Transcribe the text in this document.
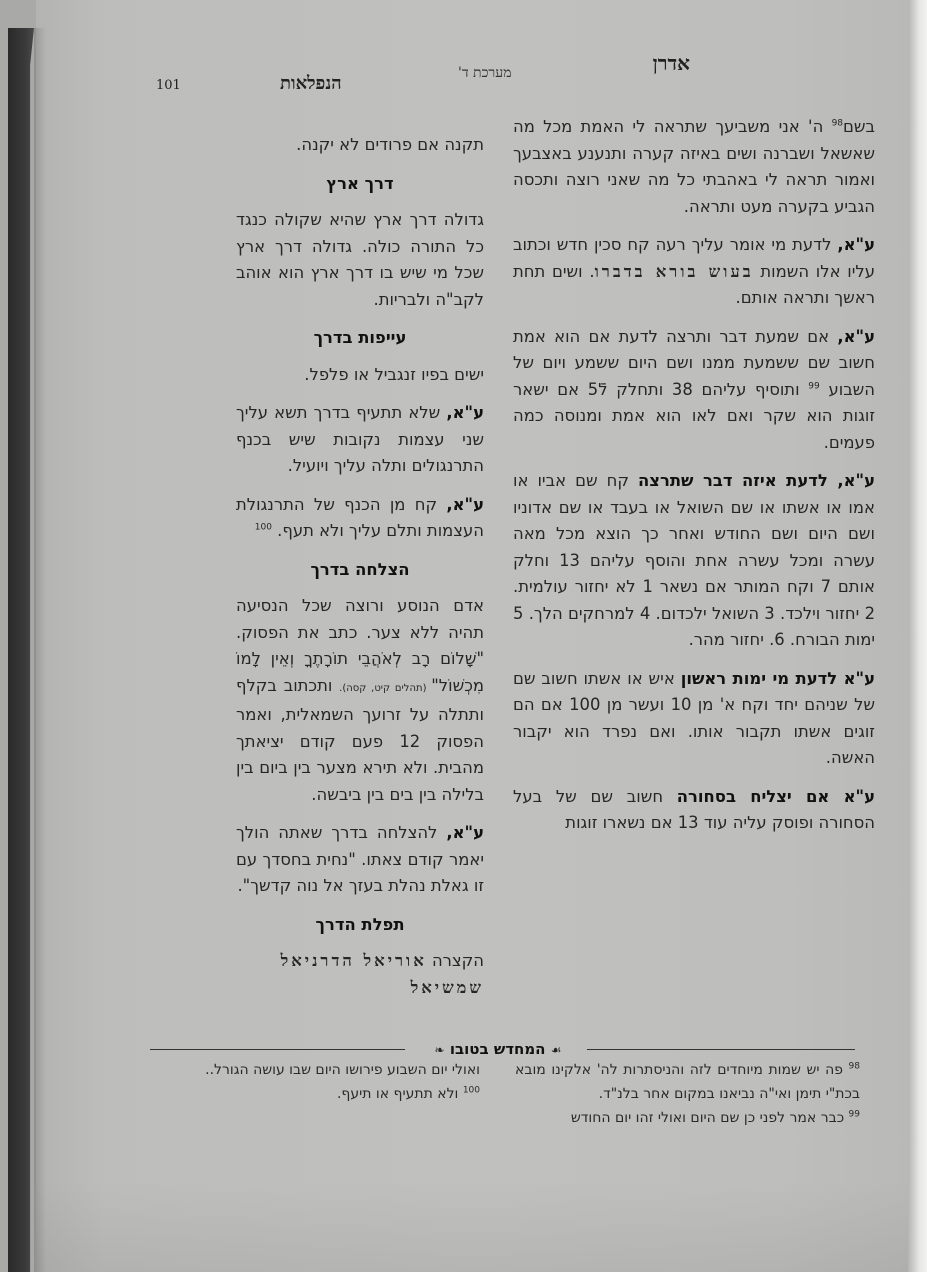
101	הנפלאות	מערכת ד'	אדרן

בשם$^{98}$ ה' אני משביעך שתראה לי האמת מכל מה שאשאל ושברנה ושים באיזה קערה ותנענע באצבעך ואמור תראה לי באהבתי כל מה שאני רוצה ותכסה הגביע בקערה מעט ותראה.

ע"א, לדעת מי אומר עליך רעה קח סכין חדש וכתוב עליו אלו השמות בעוש בורא בדברו. ושים תחת ראשך ותראה אותם.

ע"א, אם שמעת דבר ותרצה לדעת אם הוא אמת חשוב שם ששמעת ממנו ושם היום ששמע ויום של השבוע $^{99}$ ותוסיף עליהם 38 ותחלק לֿ5 אם ישאר זוגות הוא שקר ואם לאו הוא אמת ומנוסה כמה פעמים.

ע"א, לדעת איזה דבר שתרצה קח שם אביו או אמו או אשתו או שם השואל או בעבד או שם אדוניו ושם היום ושם החודש ואחר כך הוצא מכל מאה עשרה ומכל עשרה אחת והוסף עליהם 13 וחלק אותם 7 וקח המותר אם נשאר 1 לא יחזור עולמית. 2 יחזור וילכד. 3 השואל ילכדום. 4 למרחקים הלך. 5 ימות הבורח. 6. יחזור מהר.

ע"א לדעת מי ימות ראשון איש או אשתו חשוב שם של שניהם יחד וקח א' מן 10 ועשר מן 100 אם הם זוגים אשתו תקבור אותו. ואם נפרד הוא יקבור האשה.

ע"א אם יצליח בסחורה חשוב שם של בעל הסחורה ופוסק עליה עוד 13 אם נשארו זוגות

תקנה אם פרודים לא יקנה.

דרך ארץ

גדולה דרך ארץ שהיא שקולה כנגד כל התורה כולה. גדולה דרך ארץ שכל מי שיש בו דרך ארץ הוא אוהב לקב"ה ולבריות.

עייפות בדרך

ישים בפיו זנגביל או פלפל.

ע"א, שלא תתעיף בדרך תשא עליך שני עצמות נקובות שיש בכנף התרנגולים ותלה עליך ויועיל.

ע"א, קח מן הכנף של התרנגולת העצמות ותלם עליך ולא תעף. $^{100}$

הצלחה בדרך

אדם הנוסע ורוצה שכל הנסיעה תהיה ללא צער. כתב את הפסוק. "שָׁלוֹם רָב לְאֹהֲבֵי תוֹרָתֶךָ וְאֵין לָמוֹ מִכְשׁוֹל" (תהלים קיט, קסה). ותכתוב בקלף ותתלה על זרועך השמאלית, ואמר הפסוק 12 פעם קודם יציאתך מהבית. ולא תירא מצער בין ביום בין בלילה בין בים בין ביבשה.

ע"א, להצלחה בדרך שאתה הולך יאמר קודם צאתו. "נחית בחסדך עם זו גאלת נהלת בעזך אל נוה קדשך".

תפלת הדרך

הקצרה אוריאל הדרניאל שמשיאל

☙ המחדש בטובו ❧
$^{98}$ פה יש שמות מיוחדים לזה והניסתרות לה' אלקינו מובא בכת"י תימן ואי"ה נביאנו במקום אחר בלנ"ד.
$^{99}$ כבר אמר לפני כן שם היום ואולי זהו יום החודש
ואולי יום השבוע פירושו היום שבו עושה הגורל..
$^{100}$ ולא תתעיף או תיעף.
